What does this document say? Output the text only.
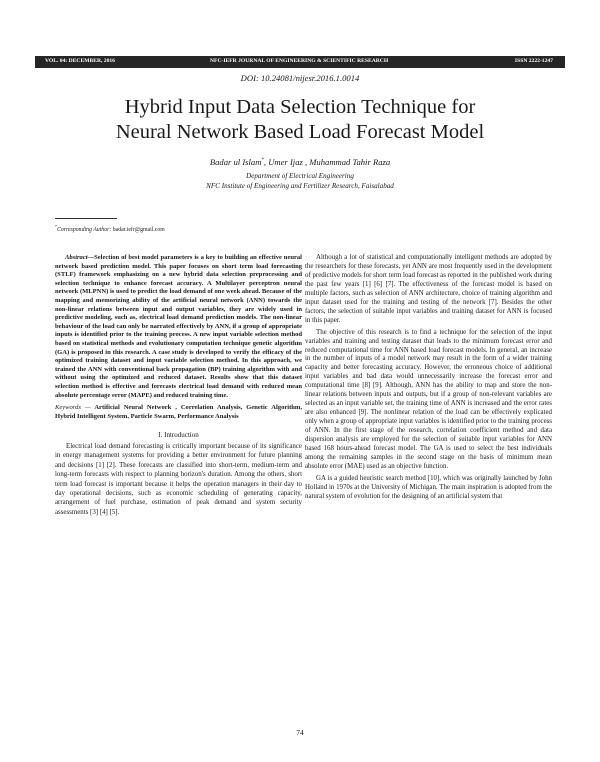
VOL. 04: DECEMBER, 2016	NFC-IEFR JOURNAL OF ENGINEERING & SCIENTIFIC RESEARCH	ISSN 2222-1247
DOI: 10.24081/nijesr.2016.1.0014
Hybrid Input Data Selection Technique for
Neural Network Based Load Forecast Model
Badar ul Islam*, Umer Ijaz , Muhammad Tahir Raza
Department of Electrical Engineering
NFC Institute of Engineering and Fertilizer Research, Faisalabad
*Corresponding Author: badar.iefr@gmail.com

Abstract—Selection of best model parameters is a key to building an effective neural network based prediction model. This paper focuses on short term load forecasting (STLF) framework emphasizing on a new hybrid data selection preprocessing and selection technique to enhance forecast accuracy. A Multilayer perceptron neural network (MLPNN) is used to predict the load demand of one week ahead. Because of the mapping and memorizing ability of the artificial neural network (ANN) towards the non-linear relations between input and output variables, they are widely used in predictive modeling, such as, electrical load demand prediction models. The non-linear behaviour of the load can only be narrated effectively by ANN, if a group of appropriate inputs is identified prior to the training process. A new input variable selection method based on statistical methods and evolutionary computation technique genetic algorithm (GA) is proposed in this research. A case study is developed to verify the efficacy of the optimized training dataset and input variable selection method. In this approach, we trained the ANN with conventional back propagation (BP) training algorithm with and without using the optimized and reduced dataset. Results show that this dataset selection method is effective and forecasts electrical load demand with reduced mean absolute percentage error (MAPE) and reduced training time.

Keywords — Artificial Neural Network , Correlation Analysis, Genetic Algorithm, Hybrid Intelligent System, Particle Swarm, Performance Analysis

I. Introduction

Electrical load demand forecasting is critically important because of its significance in energy management systems for providing a better environment for future planning and decisions [1] [2]. These forecasts are classified into short-term, medium-term and long-term forecasts with respect to planning horizon's duration. Among the others, short term load forecast is important because it helps the operation managers in their day to day operational decisions, such as economic scheduling of generating capacity, arrangement of fuel purchase, estimation of peak demand and system security assessments [3] [4] [5].

Although a lot of statistical and computationally intelligent methods are adopted by the researchers for these forecasts, yet ANN are most frequently used in the development of predictive models for short term load forecast as reported in the published work during the past few years [1] [6] [7]. The effectiveness of the forecast model is based on multiple factors, such as selection of ANN architecture, choice of training algorithm and input dataset used for the training and testing of the network [7]. Besides the other factors, the selection of suitable input variables and training dataset for ANN is focused in this paper.

The objective of this research is to find a technique for the selection of the input variables and training and testing dataset that leads to the minimum forecast error and reduced computational time for ANN based load forecast models. In general, an increase in the number of inputs of a model network may result in the form of a wider training capacity and better forecasting accuracy. However, the erroneous choice of additional input variables and bad data would unnecessarily increase the forecast error and computational time [8] [9]. Although, ANN has the ability to map and store the non-linear relations between inputs and outputs, but if a group of non-relevant variables are selected as an input variable set, the training time of ANN is increased and the error rates are also enhanced [9]. The nonlinear relation of the load can be effectively explicated only when a group of appropriate input variables is identified prior to the training process of ANN. In the first stage of the research, correlation coefficient method and data dispersion analysis are employed for the selection of suitable input variables for ANN based 168 hours-ahead forecast model. The GA is used to select the best individuals among the remaining samples in the second stage on the basis of minimum mean absolute error (MAE) used as an objective function.

GA is a guided heuristic search method [10], which was originally launched by John Holland in 1970s at the University of Michigan. The main inspiration is adopted from the natural system of evolution for the designing of an artificial system that

74
